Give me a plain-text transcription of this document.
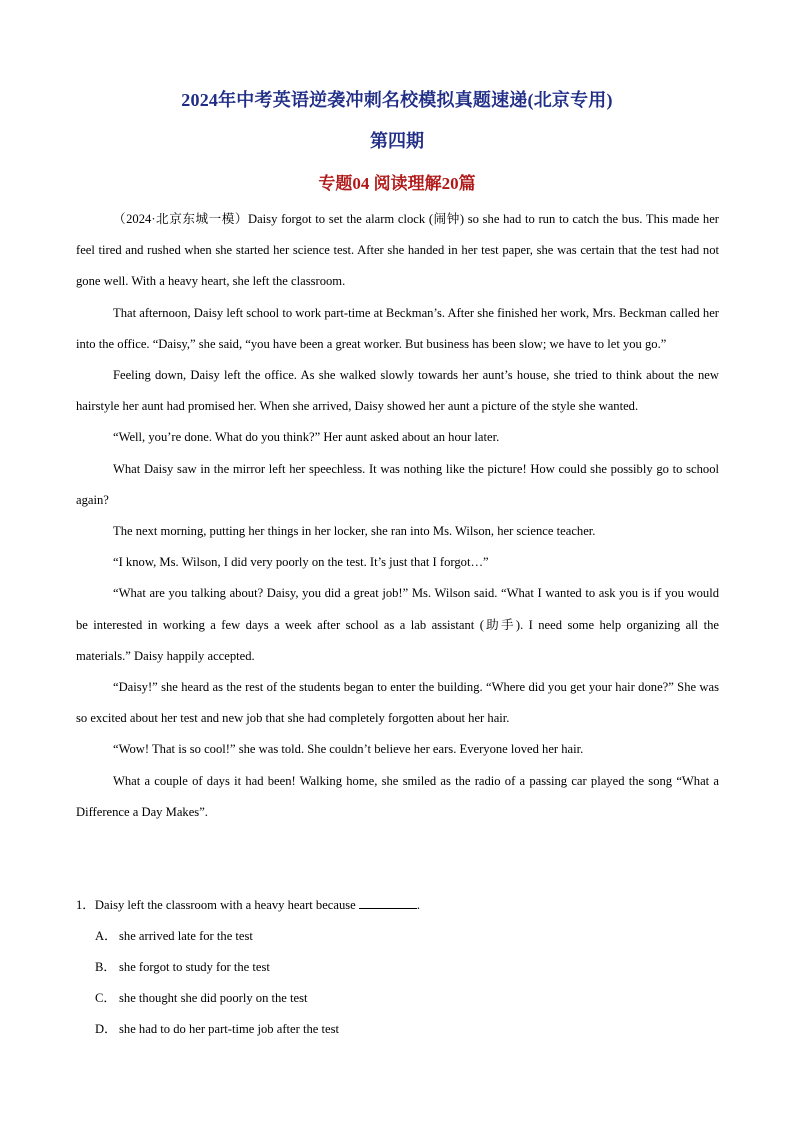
2024年中考英语逆袭冲刺名校模拟真题速递(北京专用)
第四期
专题04 阅读理解20篇

（2024·北京东城一模）Daisy forgot to set the alarm clock (闹钟) so she had to run to catch the bus. This made her feel tired and rushed when she started her science test. After she handed in her test paper, she was certain that the test had not gone well. With a heavy heart, she left the classroom.

That afternoon, Daisy left school to work part-time at Beckman’s. After she finished her work, Mrs. Beckman called her into the office. “Daisy,” she said, “you have been a great worker. But business has been slow; we have to let you go.”

Feeling down, Daisy left the office. As she walked slowly towards her aunt’s house, she tried to think about the new hairstyle her aunt had promised her. When she arrived, Daisy showed her aunt a picture of the style she wanted.

“Well, you’re done. What do you think?” Her aunt asked about an hour later.

What Daisy saw in the mirror left her speechless. It was nothing like the picture! How could she possibly go to school again?

The next morning, putting her things in her locker, she ran into Ms. Wilson, her science teacher.

“I know, Ms. Wilson, I did very poorly on the test. It’s just that I forgot…”

“What are you talking about? Daisy, you did a great job!” Ms. Wilson said. “What I wanted to ask you is if you would be interested in working a few days a week after school as a lab assistant (助手). I need some help organizing all the materials.” Daisy happily accepted.

“Daisy!” she heard as the rest of the students began to enter the building. “Where did you get your hair done?” She was so excited about her test and new job that she had completely forgotten about her hair.

“Wow! That is so cool!” she was told. She couldn’t believe her ears. Everyone loved her hair.

What a couple of days it had been! Walking home, she smiled as the radio of a passing car played the song “What a Difference a Day Makes”.

1．Daisy left the classroom with a heavy heart because	.

A． she arrived late for the test

B． she forgot to study for the test

C． she thought she did poorly on the test

D． she had to do her part-time job after the test
